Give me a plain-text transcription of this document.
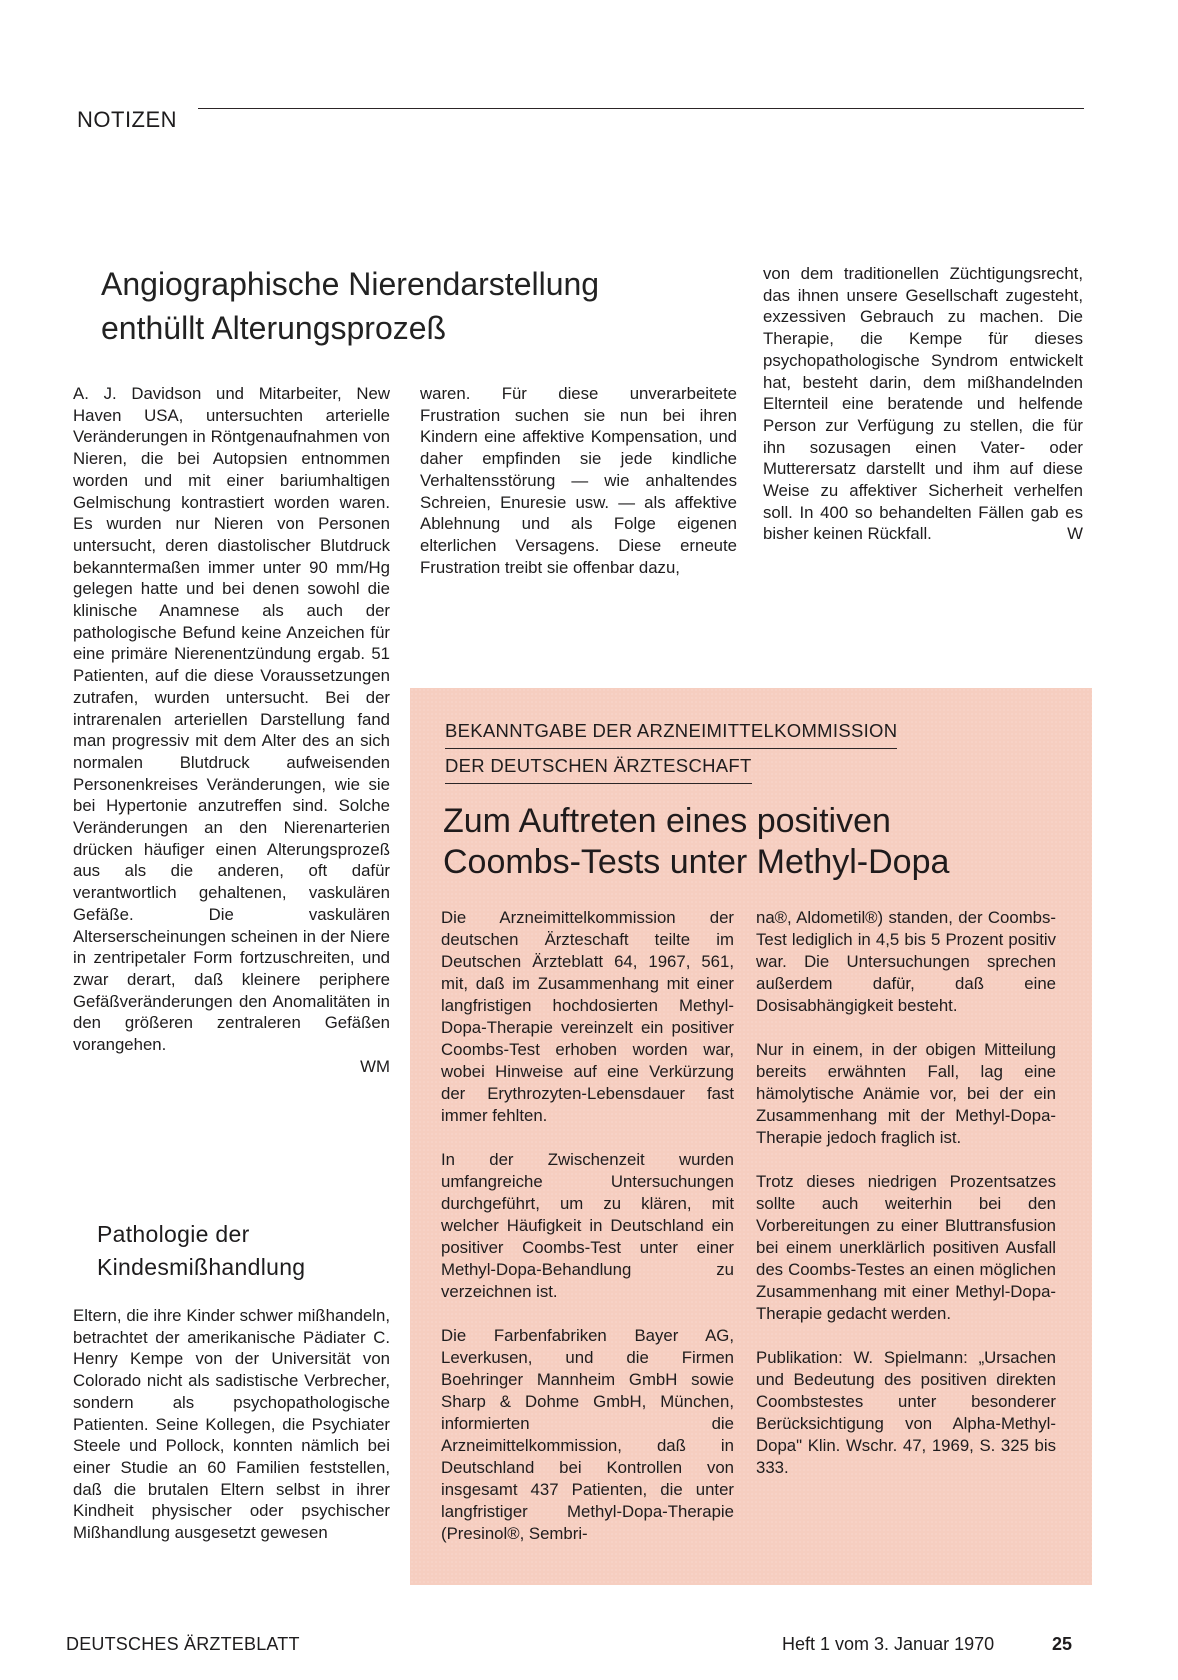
NOTIZEN
Angiographische Nierendarstellung
enthüllt Alterungsprozeß
A. J. Davidson und Mitarbeiter, New Haven USA, untersuchten arterielle Veränderungen in Röntgenaufnahmen von Nieren, die bei Autopsien entnommen worden und mit einer bariumhaltigen Gelmischung kontrastiert worden waren. Es wurden nur Nieren von Personen untersucht, deren diastolischer Blutdruck bekanntermaßen immer unter 90 mm/Hg gelegen hatte und bei denen sowohl die klinische Anamnese als auch der pathologische Befund keine Anzeichen für eine primäre Nierenentzündung ergab. 51 Patienten, auf die diese Voraussetzungen zutrafen, wurden untersucht. Bei der intrarenalen arteriellen Darstellung fand man progressiv mit dem Alter des an sich normalen Blutdruck aufweisenden Personenkreises Veränderungen, wie sie bei Hypertonie anzutreffen sind. Solche Veränderungen an den Nierenarterien drücken häufiger einen Alterungsprozeß aus als die anderen, oft dafür verantwortlich gehaltenen, vaskulären Gefäße. Die vaskulären Alterserscheinungen scheinen in der Niere in zentripetaler Form fortzuschreiten, und zwar derart, daß kleinere periphere Gefäßveränderungen den Anomalitäten in den größeren zentraleren Gefäßen vorangehen.
WM
Pathologie der
Kindesmißhandlung
Eltern, die ihre Kinder schwer mißhandeln, betrachtet der amerikanische Pädiater C. Henry Kempe von der Universität von Colorado nicht als sadistische Verbrecher, sondern als psychopathologische Patienten. Seine Kollegen, die Psychiater Steele und Pollock, konnten nämlich bei einer Studie an 60 Familien feststellen, daß die brutalen Eltern selbst in ihrer Kindheit physischer oder psychischer Mißhandlung ausgesetzt gewesen
waren. Für diese unverarbeitete Frustration suchen sie nun bei ihren Kindern eine affektive Kompensation, und daher empfinden sie jede kindliche Verhaltensstörung — wie anhaltendes Schreien, Enuresie usw. — als affektive Ablehnung und als Folge eigenen elterlichen Versagens. Diese erneute Frustration treibt sie offenbar dazu,
von dem traditionellen Züchtigungsrecht, das ihnen unsere Gesellschaft zugesteht, exzessiven Gebrauch zu machen. Die Therapie, die Kempe für dieses psychopathologische Syndrom entwickelt hat, besteht darin, dem mißhandelnden Elternteil eine beratende und helfende Person zur Verfügung zu stellen, die für ihn sozusagen einen Vater- oder Mutterersatz darstellt und ihm auf diese Weise zu affektiver Sicherheit verhelfen soll. In 400 so behandelten Fällen gab es bisher keinen Rückfall.	W
BEKANNTGABE DER ARZNEIMITTELKOMMISSION
DER DEUTSCHEN ÄRZTESCHAFT
Zum Auftreten eines positiven
Coombs-Tests unter Methyl-Dopa

Die Arzneimittelkommission der deutschen Ärzteschaft teilte im Deutschen Ärzteblatt 64, 1967, 561, mit, daß im Zusammenhang mit einer langfristigen hochdosierten Methyl-Dopa-Therapie vereinzelt ein positiver Coombs-Test erhoben worden war, wobei Hinweise auf eine Verkürzung der Erythrozyten-Lebensdauer fast immer fehlten.

In der Zwischenzeit wurden umfangreiche Untersuchungen durchgeführt, um zu klären, mit welcher Häufigkeit in Deutschland ein positiver Coombs-Test unter einer Methyl-Dopa-Behandlung zu verzeichnen ist.

Die Farbenfabriken Bayer AG, Leverkusen, und die Firmen Boehringer Mannheim GmbH sowie Sharp & Dohme GmbH, München, informierten die Arzneimittelkommission, daß in Deutschland bei Kontrollen von insgesamt 437 Patienten, die unter langfristiger Methyl-Dopa-Therapie (Presinol®, Sembri-

na®, Aldometil®) standen, der Coombs-Test lediglich in 4,5 bis 5 Prozent positiv war. Die Untersuchungen sprechen außerdem dafür, daß eine Dosisabhängigkeit besteht.

Nur in einem, in der obigen Mitteilung bereits erwähnten Fall, lag eine hämolytische Anämie vor, bei der ein Zusammenhang mit der Methyl-Dopa-Therapie jedoch fraglich ist.

Trotz dieses niedrigen Prozentsatzes sollte auch weiterhin bei den Vorbereitungen zu einer Bluttransfusion bei einem unerklärlich positiven Ausfall des Coombs-Testes an einen möglichen Zusammenhang mit einer Methyl-Dopa-Therapie gedacht werden.

Publikation: W. Spielmann: „Ursachen und Bedeutung des positiven direkten Coombstestes unter besonderer Berücksichtigung von Alpha-Methyl-Dopa" Klin. Wschr. 47, 1969, S. 325 bis 333.

DEUTSCHES ÄRZTEBLATT	Heft 1 vom 3. Januar 1970	25
